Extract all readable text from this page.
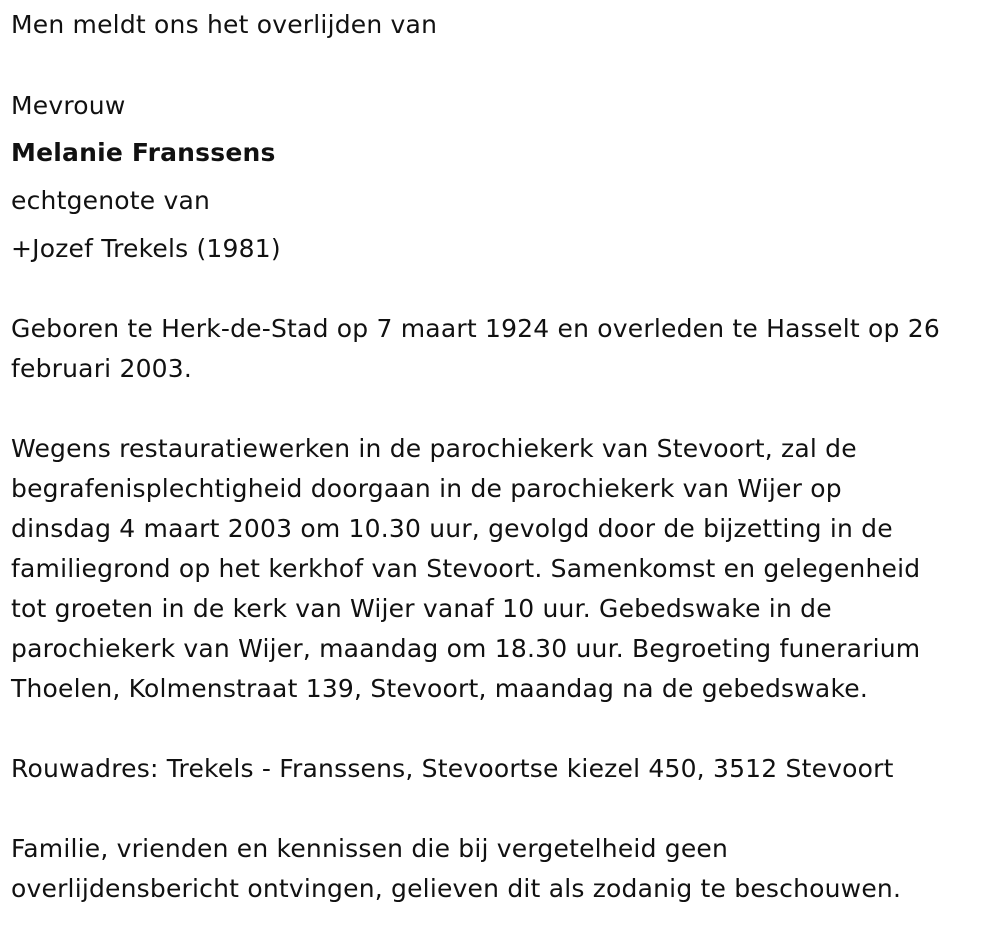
Men meldt ons het overlijden van

Mevrouw

Melanie Franssens

echtgenote van

+Jozef Trekels (1981)

Geboren te Herk-de-Stad op 7 maart 1924 en overleden te Hasselt op 26
februari 2003.
Wegens restauratiewerken in de parochiekerk van Stevoort, zal de
begrafenisplechtigheid doorgaan in de parochiekerk van Wijer op
dinsdag 4 maart 2003 om 10.30 uur, gevolgd door de bijzetting in de
familiegrond op het kerkhof van Stevoort. Samenkomst en gelegenheid
tot groeten in de kerk van Wijer vanaf 10 uur. Gebedswake in de
parochiekerk van Wijer, maandag om 18.30 uur. Begroeting funerarium
Thoelen, Kolmenstraat 139, Stevoort, maandag na de gebedswake.

Rouwadres: Trekels - Franssens, Stevoortse kiezel 450, 3512 Stevoort

Familie, vrienden en kennissen die bij vergetelheid geen
overlijdensbericht ontvingen, gelieven dit als zodanig te beschouwen.
